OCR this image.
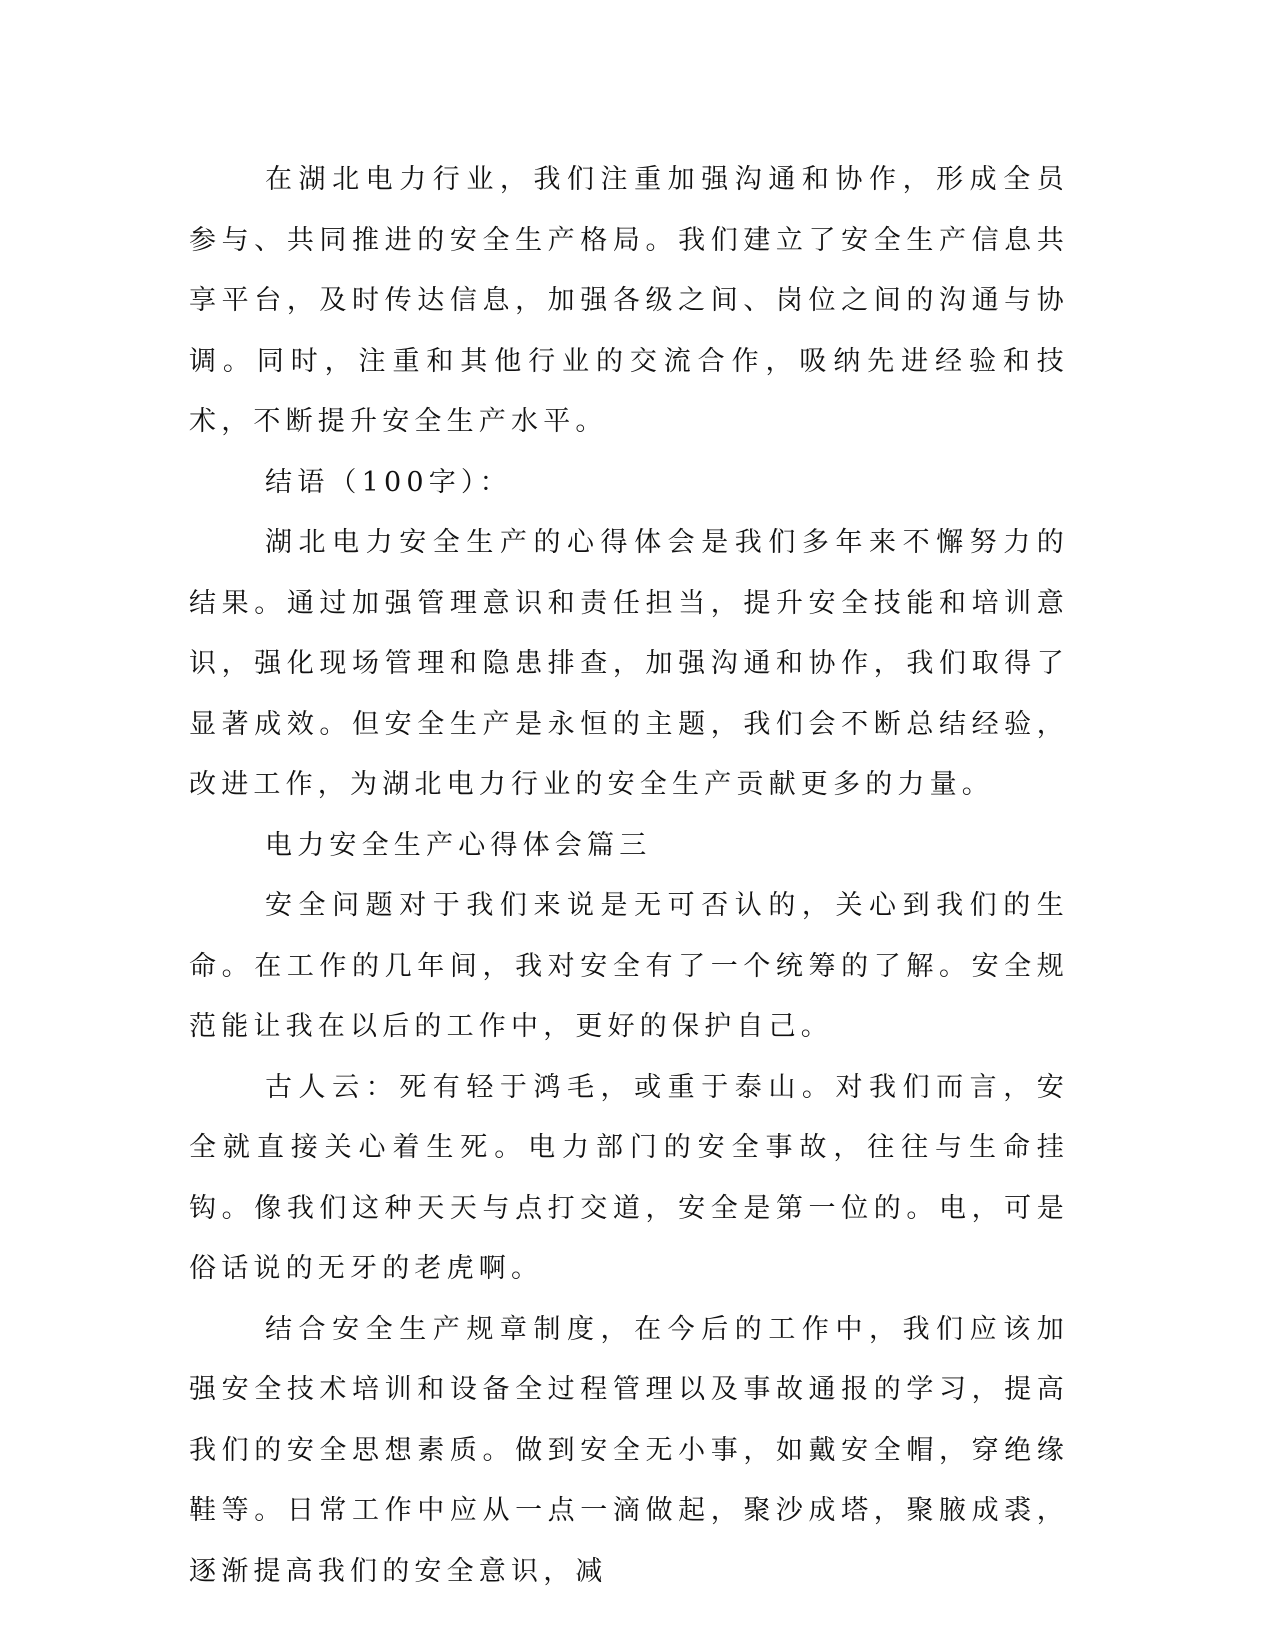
在湖北电力行业，我们注重加强沟通和协作，形成全员参与、共同推进的安全生产格局。我们建立了安全生产信息共享平台，及时传达信息，加强各级之间、岗位之间的沟通与协调。同时，注重和其他行业的交流合作，吸纳先进经验和技术，不断提升安全生产水平。

结语（100字）：

湖北电力安全生产的心得体会是我们多年来不懈努力的结果。通过加强管理意识和责任担当，提升安全技能和培训意识，强化现场管理和隐患排查，加强沟通和协作，我们取得了显著成效。但安全生产是永恒的主题，我们会不断总结经验，改进工作，为湖北电力行业的安全生产贡献更多的力量。

电力安全生产心得体会篇三

安全问题对于我们来说是无可否认的，关心到我们的生命。在工作的几年间，我对安全有了一个统筹的了解。安全规范能让我在以后的工作中，更好的保护自己。

古人云：死有轻于鸿毛，或重于泰山。对我们而言，安全就直接关心着生死。电力部门的安全事故，往往与生命挂钩。像我们这种天天与点打交道，安全是第一位的。电，可是俗话说的无牙的老虎啊。

结合安全生产规章制度，在今后的工作中，我们应该加强安全技术培训和设备全过程管理以及事故通报的学习，提高我们的安全思想素质。做到安全无小事，如戴安全帽，穿绝缘鞋等。日常工作中应从一点一滴做起，聚沙成塔，聚腋成裘，逐渐提高我们的安全意识，减
